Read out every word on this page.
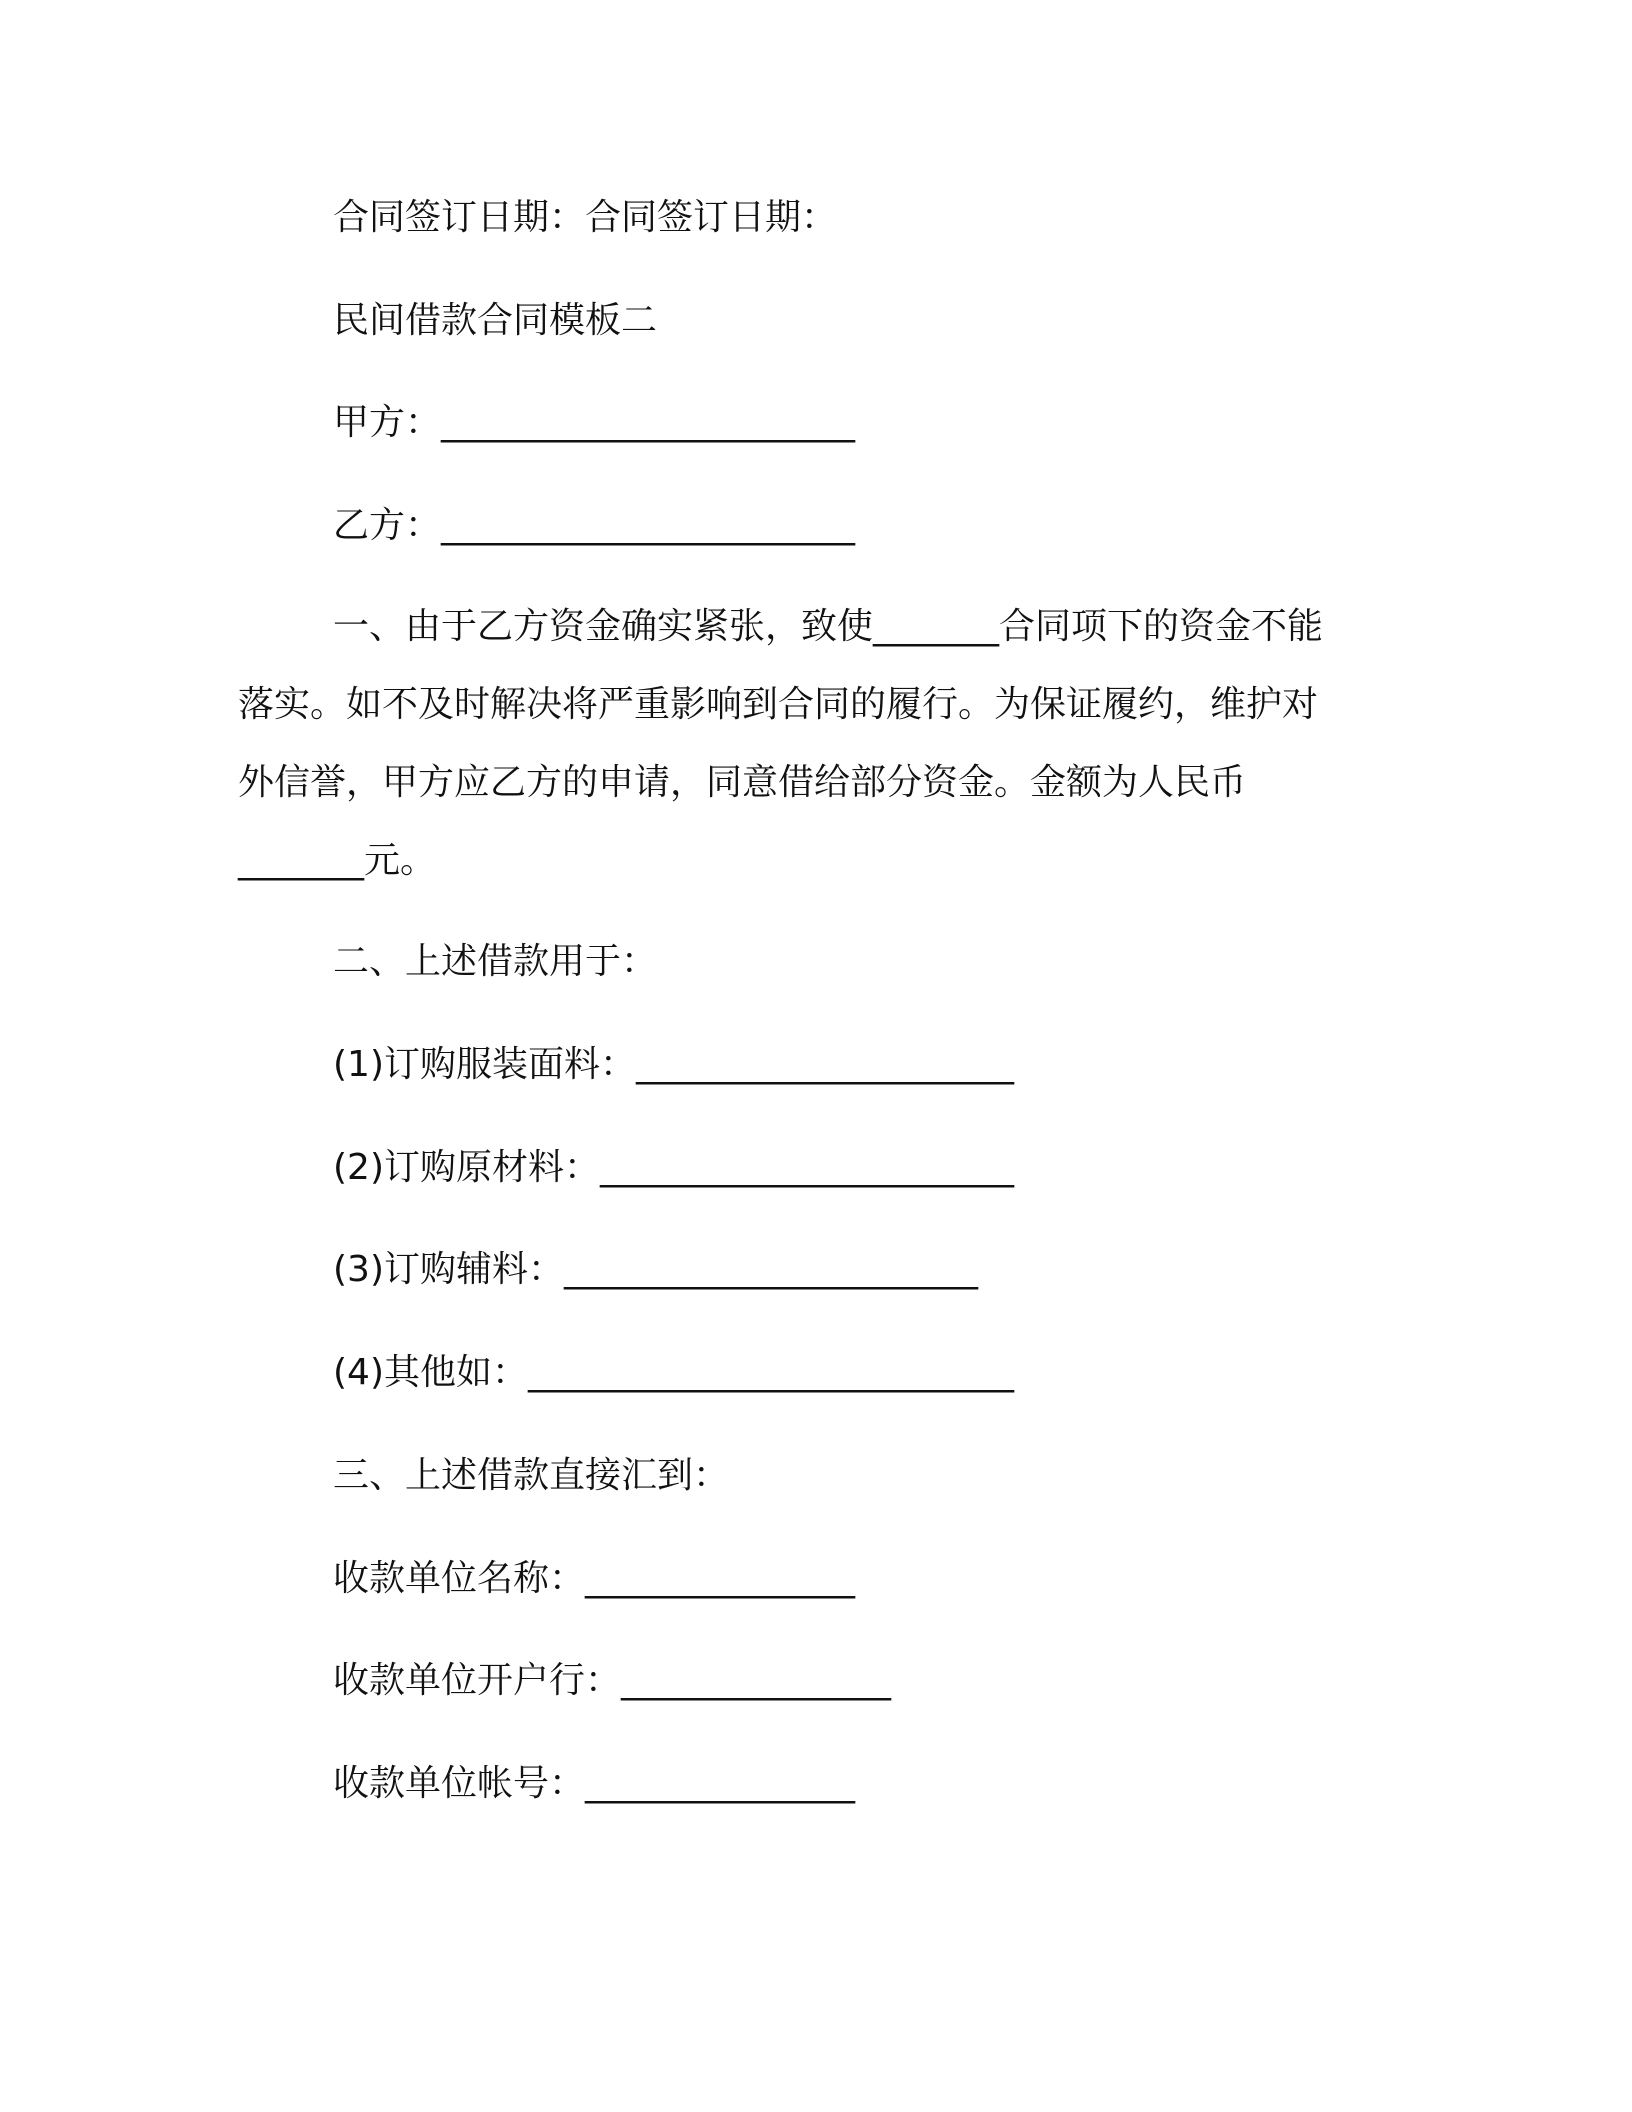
合同签订日期：合同签订日期：
民间借款合同模板二
甲方：_______________________
乙方：_______________________
一、由于乙方资金确实紧张，致使_______合同项下的资金不能
落实。如不及时解决将严重影响到合同的履行。为保证履约，维护对
外信誉，甲方应乙方的申请，同意借给部分资金。金额为人民币
_______元。
二、上述借款用于：
(1)订购服装面料：_____________________
(2)订购原材料：_______________________
(3)订购辅料：_______________________
(4)其他如：___________________________
三、上述借款直接汇到：
收款单位名称：_______________
收款单位开户行：_______________
收款单位帐号：_______________
